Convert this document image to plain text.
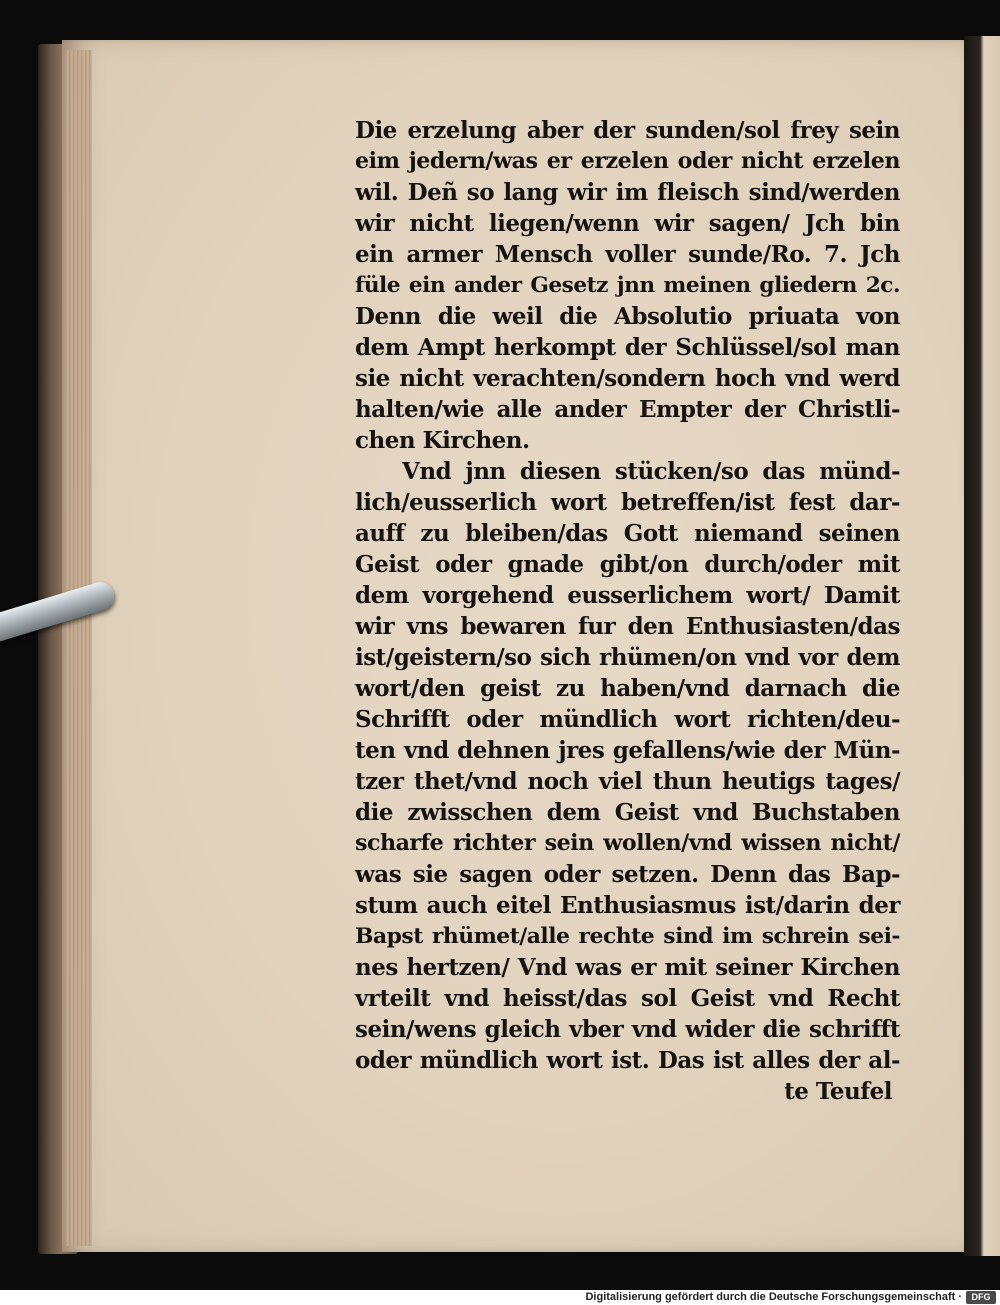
Die erzelung aber der sunden/sol frey sein
eim jedern/was er erzelen oder nicht erzelen
wil. Deñ so lang wir im fleisch sind/werden
wir nicht liegen/wenn wir sagen/ Jch bin
ein armer Mensch voller sunde/Ro. 7. Jch
füle ein ander Gesetz jnn meinen gliedern 2c.
Denn die weil die Absolutio priuata von
dem Ampt herkompt der Schlüssel/sol man
sie nicht verachten/sondern hoch vnd werd
halten/wie alle ander Empter der Christli-
chen Kirchen.
Vnd jnn diesen stücken/so das münd-
lich/eusserlich wort betreffen/ist fest dar-
auff zu bleiben/das Gott niemand seinen
Geist oder gnade gibt/on durch/oder mit
dem vorgehend eusserlichem wort/ Damit
wir vns bewaren fur den Enthusiasten/das
ist/geistern/so sich rhümen/on vnd vor dem
wort/den geist zu haben/vnd darnach die
Schrifft oder mündlich wort richten/deu-
ten vnd dehnen jres gefallens/wie der Mün-
tzer thet/vnd noch viel thun heutigs tages/
die zwisschen dem Geist vnd Buchstaben
scharfe richter sein wollen/vnd wissen nicht/
was sie sagen oder setzen. Denn das Bap-
stum auch eitel Enthusiasmus ist/darin der
Bapst rhümet/alle rechte sind im schrein sei-
nes hertzen/ Vnd was er mit seiner Kirchen
vrteilt vnd heisst/das sol Geist vnd Recht
sein/wens gleich vber vnd wider die schrifft
oder mündlich wort ist. Das ist alles der al-
te Teufel
Digitalisierung gefördert durch die Deutsche Forschungsgemeinschaft ·	DFG
